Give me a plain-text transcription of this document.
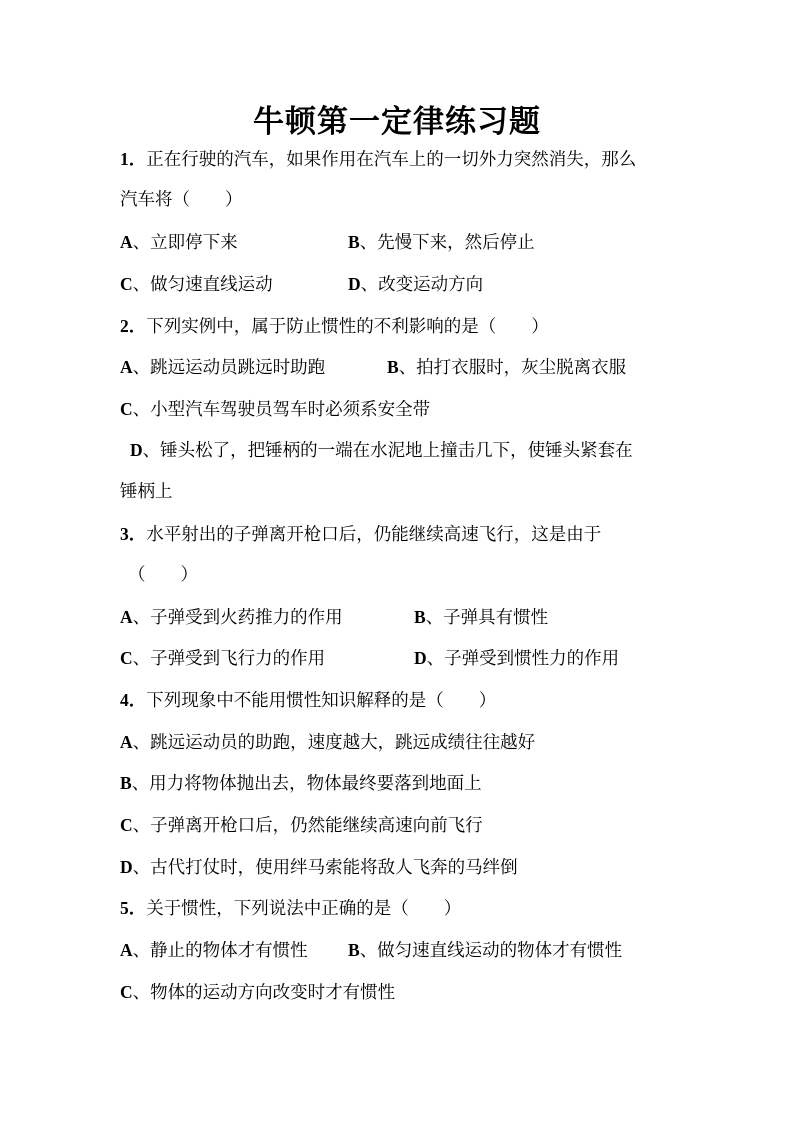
牛顿第一定律练习题
1．正在行驶的汽车，如果作用在汽车上的一切外力突然消失，那么
汽车将（　　）
A、立即停下来	B、先慢下来，然后停止
C、做匀速直线运动	D、改变运动方向
2．下列实例中，属于防止惯性的不利影响的是（　　）
A、跳远运动员跳远时助跑	B、拍打衣服时，灰尘脱离衣服
C、小型汽车驾驶员驾车时必须系安全带
D、锤头松了，把锤柄的一端在水泥地上撞击几下，使锤头紧套在
锤柄上
3．水平射出的子弹离开枪口后，仍能继续高速飞行，这是由于
（　　）
A、子弹受到火药推力的作用	B、子弹具有惯性
C、子弹受到飞行力的作用	D、子弹受到惯性力的作用
4．下列现象中不能用惯性知识解释的是（　　）
A、跳远运动员的助跑，速度越大，跳远成绩往往越好
B、用力将物体抛出去，物体最终要落到地面上
C、子弹离开枪口后，仍然能继续高速向前飞行
D、古代打仗时，使用绊马索能将敌人飞奔的马绊倒
5．关于惯性，下列说法中正确的是（　　）
A、静止的物体才有惯性 B、做匀速直线运动的物体才有惯性
C、物体的运动方向改变时才有惯性
